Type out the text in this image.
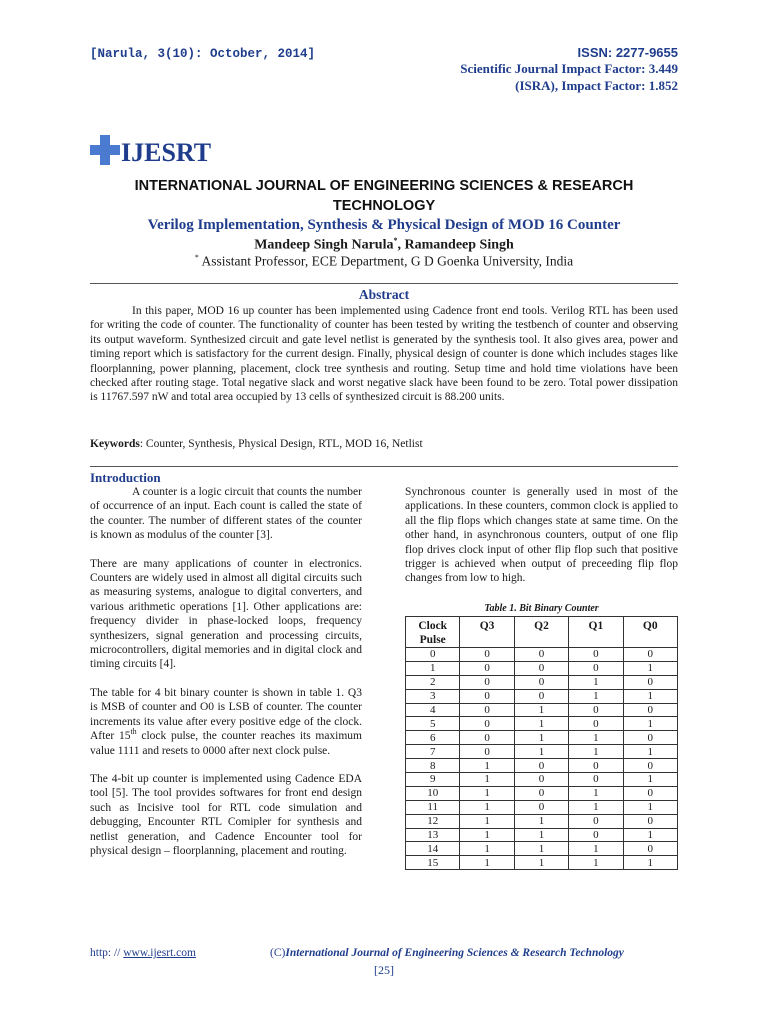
[Narula, 3(10): October, 2014]	ISSN: 2277-9655
Scientific Journal Impact Factor: 3.449
(ISRA), Impact Factor: 1.852
IJESRT
INTERNATIONAL JOURNAL OF ENGINEERING SCIENCES & RESEARCH TECHNOLOGY
Verilog Implementation, Synthesis & Physical Design of MOD 16 Counter
Mandeep Singh Narula*, Ramandeep Singh
* Assistant Professor, ECE Department, G D Goenka University, India
Abstract
In this paper, MOD 16 up counter has been implemented using Cadence front end tools. Verilog RTL has been used for writing the code of counter. The functionality of counter has been tested by writing the testbench of counter and observing its output waveform. Synthesized circuit and gate level netlist is generated by the synthesis tool. It also gives area, power and timing report which is satisfactory for the current design. Finally, physical design of counter is done which includes stages like floorplanning, power planning, placement, clock tree synthesis and routing. Setup time and hold time violations have been checked after routing stage. Total negative slack and worst negative slack have been found to be zero. Total power dissipation is 11767.597 nW and total area occupied by 13 cells of synthesized circuit is 88.200 units.
Keywords: Counter, Synthesis, Physical Design, RTL, MOD 16, Netlist
Introduction

A counter is a logic circuit that counts the number of occurrence of an input. Each count is called the state of the counter. The number of different states of the counter is known as modulus of the counter [3].

There are many applications of counter in electronics. Counters are widely used in almost all digital circuits such as measuring systems, analogue to digital converters, and various arithmetic operations [1]. Other applications are: frequency divider in phase-locked loops, frequency synthesizers, signal generation and processing circuits, microcontrollers, digital memories and in digital clock and timing circuits [4].

The table for 4 bit binary counter is shown in table 1. Q3 is MSB of counter and O0 is LSB of counter. The counter increments its value after every positive edge of the clock. After 15th clock pulse, the counter reaches its maximum value 1111 and resets to 0000 after next clock pulse.

The 4-bit up counter is implemented using Cadence EDA tool [5]. The tool provides softwares for front end design such as Incisive tool for RTL code simulation and debugging, Encounter RTL Comipler for synthesis and netlist generation, and Cadence Encounter tool for physical design – floorplanning, placement and routing.

Synchronous counter is generally used in most of the applications. In these counters, common clock is applied to all the flip flops which changes state at same time. On the other hand, in asynchronous counters, output of one flip flop drives clock input of other flip flop such that positive trigger is achieved when output of preceeding flip flop changes from low to high.

Table 1. Bit Binary Counter
Clock Pulse	Q3	Q2	Q1	Q0
0	0	0	0	0
1	0	0	0	1
2	0	0	1	0
3	0	0	1	1
4	0	1	0	0
5	0	1	0	1
6	0	1	1	0
7	0	1	1	1
8	1	0	0	0
9	1	0	0	1
10	1	0	1	0
11	1	0	1	1
12	1	1	0	0
13	1	1	0	1
14	1	1	1	0
15	1	1	1	1
http: // www.ijesrt.com	(C)International Journal of Engineering Sciences & Research Technology
[25]
